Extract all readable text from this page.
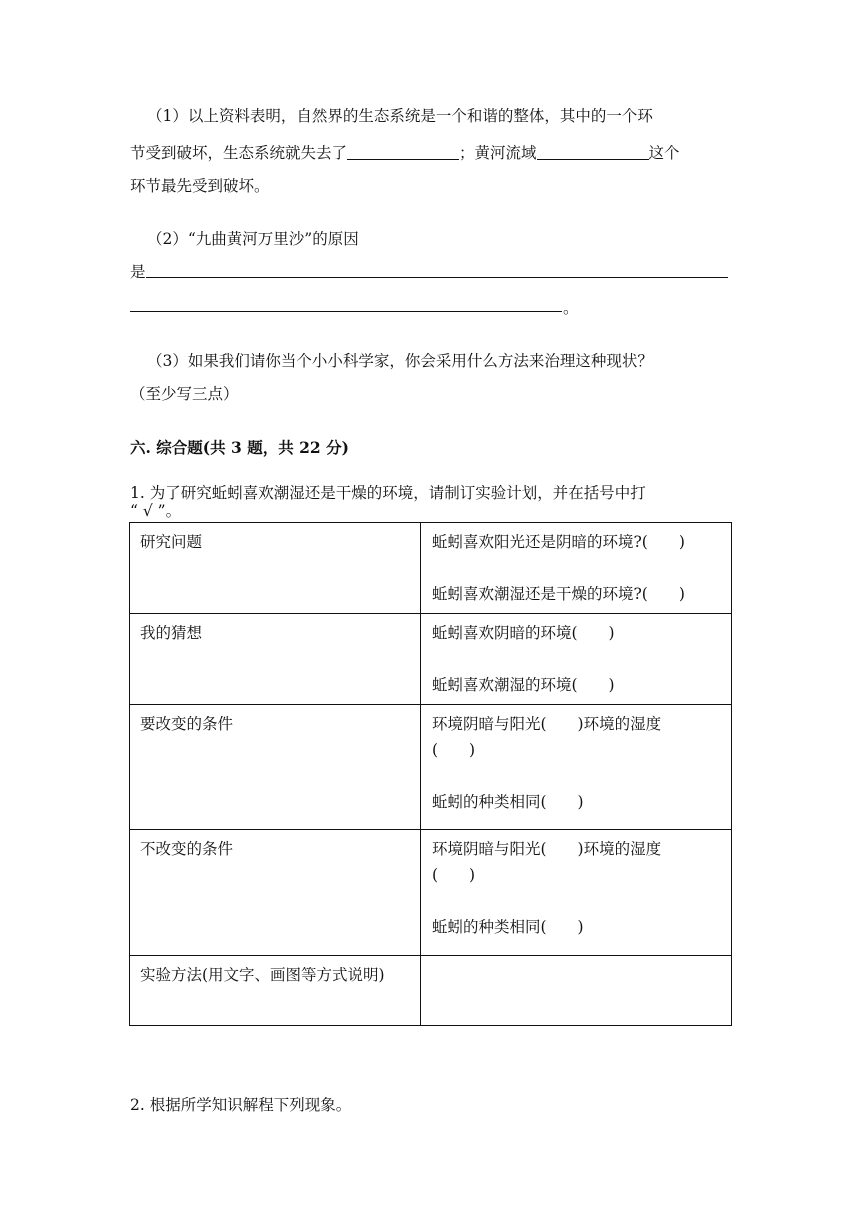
（1）以上资料表明，自然界的生态系统是一个和谐的整体，其中的一个环
节受到破坏，生态系统就失去了	；黄河流域	这个
环节最先受到破坏。
（2）“九曲黄河万里沙”的原因
是
。
（3）如果我们请你当个小小科学家，你会采用什么方法来治理这种现状？
（至少写三点）
六. 综合题(共 3 题，共 22 分)
1. 为了研究蚯蚓喜欢潮湿还是干燥的环境，请制订实验计划，并在括号中打
“ √ ”。
研究问题	蚯蚓喜欢阳光还是阴暗的环境?(　　)
蚯蚓喜欢潮湿还是干燥的环境?(　　)

我的猜想	蚯蚓喜欢阴暗的环境(　　)
蚯蚓喜欢潮湿的环境(　　)

要改变的条件	环境阴暗与阳光(　　)环境的湿度
(　　)
蚯蚓的种类相同(　　)

不改变的条件	环境阴暗与阳光(　　)环境的湿度
(　　)
蚯蚓的种类相同(　　)

实验方法(用文字、画图等方式说明)	
2. 根据所学知识解程下列现象。
